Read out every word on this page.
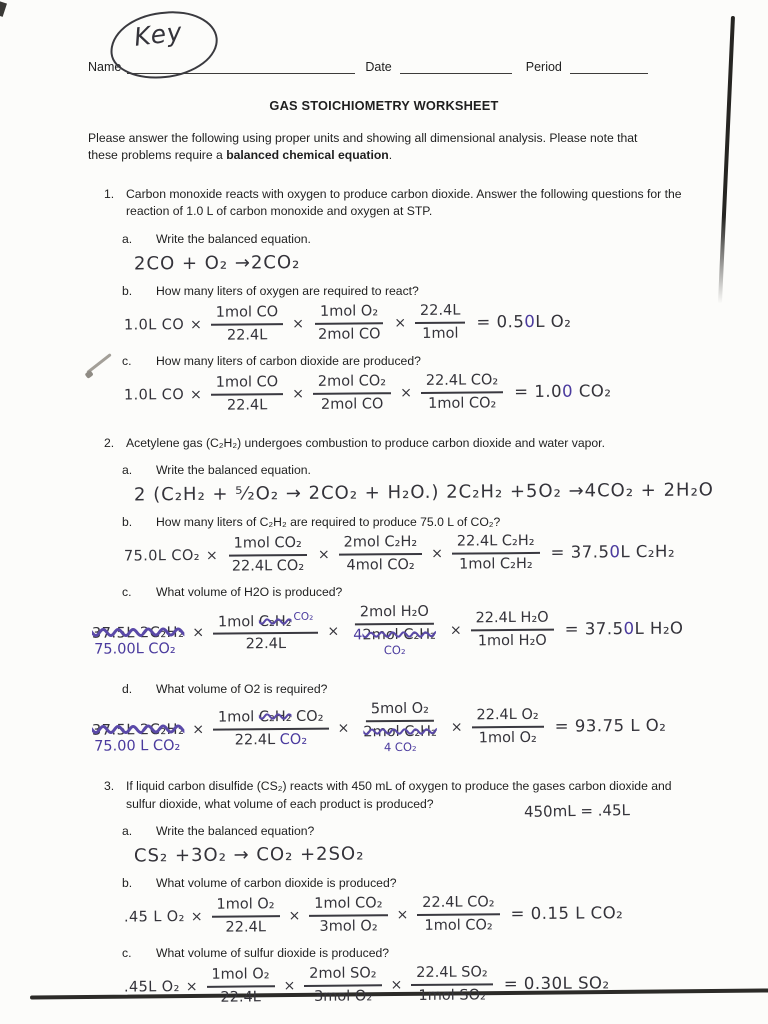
Name	Date	Period
Key
GAS STOICHIOMETRY WORKSHEET
Please answer the following using proper units and showing all dimensional analysis. Please note that these problems require a balanced chemical equation.
1. Carbon monoxide reacts with oxygen to produce carbon dioxide. Answer the following questions for the reaction of 1.0 L of carbon monoxide and oxygen at STP.
a.	Write the balanced equation.
2CO + O₂ →2CO₂
b.	How many liters of oxygen are required to react?
1.0L CO × $\frac{\text{1mol CO}}{22.4L} \times \frac{\text{1mol O₂}}{\text{2mol CO}} \times \frac{22.4L}{\text{1mol}} = 0.50L$ O₂
c.	How many liters of carbon dioxide are produced?
1.0L CO × $\frac{\text{1mol CO}}{22.4L} \times \frac{\text{2mol CO₂}}{\text{2mol CO}} \times \frac{\text{22.4L CO₂}}{\text{1mol CO₂}} = 1.00$ CO₂
2. Acetylene gas (C₂H₂) undergoes combustion to produce carbon dioxide and water vapor.
a.	Write the balanced equation.
2 (C₂H₂ + ⁵⁄₂O₂ → 2CO₂ + H₂O.) 2C₂H₂ +5O₂ →4CO₂ + 2H₂O
b.	How many liters of C₂H₂ are required to produce 75.0 L of CO₂?
75.0L $CO_2 \times \frac{\text{1mol CO₂}}{\text{22.4L CO₂}} \times \frac{\text{2mol C₂H₂}}{\text{4mol CO₂}} \times \frac{\text{22.4L C₂H₂}}{\text{1mol C₂H₂}} = 37.50L$ C₂H₂
c.	What volume of H2O is produced?
37.5L 2C₂H₂
75.00L CO₂
× $\frac{1mol C_2H_2 ^{CO_2}}{22.4L}$ ×
2mol H₂O
42mol C₂H₂
CO₂
× $\frac{\text{22.4L H₂O}}{\text{1mol H₂O}} = 37.50L$ H₂O
d.	What volume of O2 is required?
37.5L 2C₂H₂
75.00 L CO₂
× $\frac{\text{1mol C₂H₂ CO₂}}{\text{22.4L CO₂}}$ ×
5mol O₂
2mol C₂H₂
4 CO₂
× $\frac{\text{22.4L O₂}}{\text{1mol O₂}} = 93.75$ L O₂
3. If liquid carbon disulfide (CS₂) reacts with 450 mL of oxygen to produce the gases carbon dioxide and sulfur dioxide, what volume of each product is produced?	450mL = .45L
a.	Write the balanced equation?
CS₂ +3O₂ → CO₂ +2SO₂
b.	What volume of carbon dioxide is produced?
.45 L $O_2 \times \frac{\text{1mol O₂}}{22.4L} \times \frac{\text{1mol CO₂}}{\text{3mol O₂}} \times \frac{\text{22.4L CO₂}}{\text{1mol CO₂}} = 0.15$ L CO₂
c.	What volume of sulfur dioxide is produced?
.45L $O_2 \times \frac{\text{1mol O₂}}{22.4L} \times \frac{\text{2mol SO₂}}{\text{3mol O₂}} \times \frac{\text{22.4L SO₂}}{\text{1mol SO₂}} = 0.30L$ SO₂
